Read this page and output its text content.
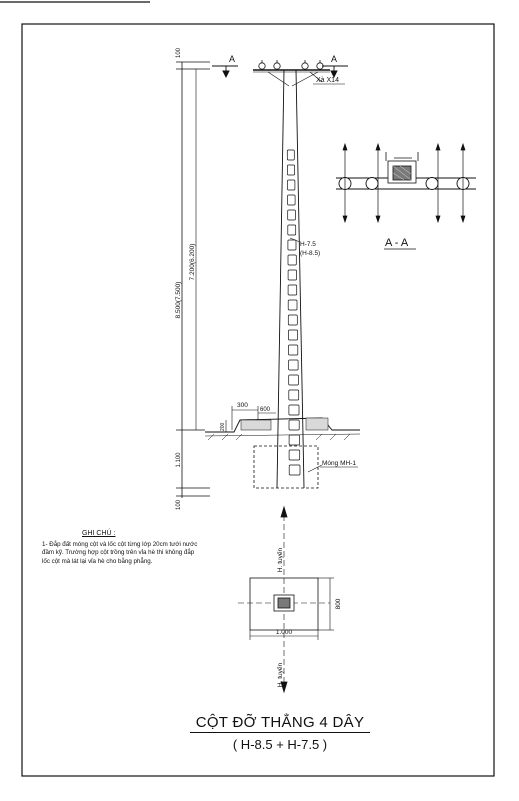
100
8.500(7.500)
7.200(6.200)
1.100
100
A	A
Xà X14
H-7.5
(H-8.5)
300
600
200
Móng MH-1
A - A
H. tuyến
H. tuyến
1.000
800
GHI CHÚ :
1- Đắp đất móng cột và lốc cột từng lớp 20cm tưới nước
đầm kỹ. Trường hợp cột trồng trên vỉa hè thì không đắp
lốc cột mà lát lại vỉa hè cho bằng phẳng.
CỘT ĐỠ THẲNG 4 DÂY
( H-8.5 + H-7.5 )
